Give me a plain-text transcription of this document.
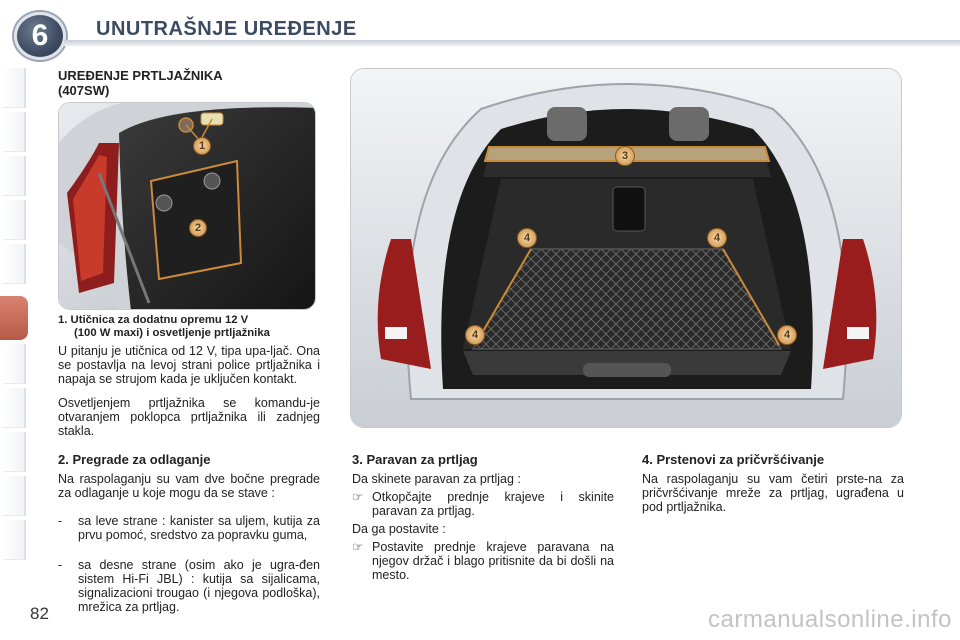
6 UNUTRAŠNJE UREĐENJE
UREĐENJE PRTLJAŽNIKA
(407SW)
1
2
3
4	4
4	4
1. Utičnica za dodatnu opremu 12 V
(100 W maxi) i osvetljenje prtljažnika
U pitanju je utičnica od 12 V, tipa upa-ljač. Ona se postavlja na levoj strani police prtljažnika i napaja se strujom kada je uključen kontakt.
Osvetljenjem prtljažnika se komandu-je otvaranjem poklopca prtljažnika ili zadnjeg stakla.
2. Pregrade za odlaganje
Na raspolaganju su vam dve bočne pregrade za odlaganje u koje mogu da se stave :
- sa leve strane : kanister sa uljem, kutija za prvu pomoć, sredstvo za popravku guma,
- sa desne strane (osim ako je ugra-đen sistem Hi-Fi JBL) : kutija sa sijalicama, signalizacioni trougao (i njegova podloška), mrežica za prtljag.
3. Paravan za prtljag
Da skinete paravan za prtljag :
☞ Otkopčajte prednje krajeve i skinite paravan za prtljag.
Da ga postavite :
☞ Postavite prednje krajeve paravana na njegov držač i blago pritisnite da bi došli na mesto.
4. Prstenovi za pričvršćivanje
Na raspolaganju su vam četiri prste-na za pričvršćivanje mreže za prtljag, ugrađena u pod prtljažnika.
82	carmanualsonline.info
